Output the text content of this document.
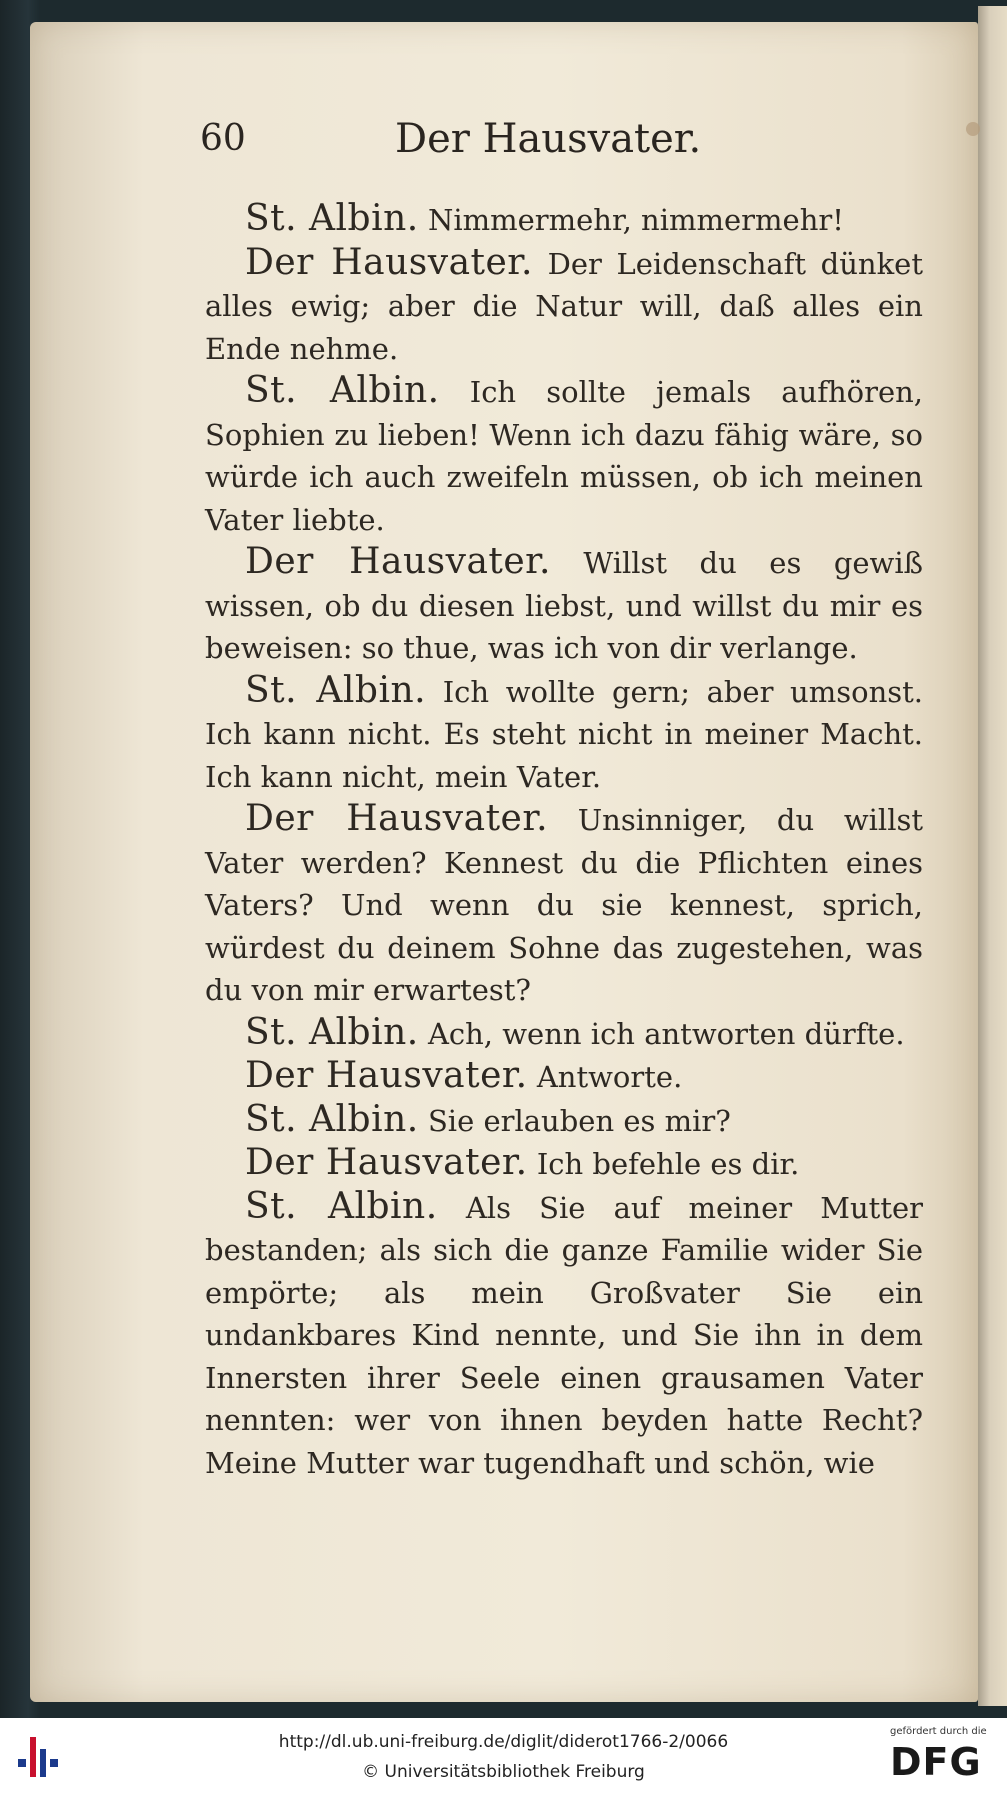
60	Der Hausvater.

St. Albin. Nimmermehr, nimmermehr!

Der Hausvater. Der Leidenschaft dünket alles ewig; aber die Natur will, daß alles ein Ende nehme.

St. Albin. Ich sollte jemals aufhören, Sophien zu lieben! Wenn ich dazu fähig wäre, so würde ich auch zweifeln müssen, ob ich meinen Vater liebte.

Der Hausvater. Willst du es gewiß wissen, ob du diesen liebst, und willst du mir es beweisen: so thue, was ich von dir verlange.

St. Albin. Ich wollte gern; aber umsonst. Ich kann nicht. Es steht nicht in meiner Macht. Ich kann nicht, mein Vater.

Der Hausvater. Unsinniger, du willst Vater werden? Kennest du die Pflichten eines Vaters? Und wenn du sie kennest, sprich, würdest du deinem Sohne das zugestehen, was du von mir erwartest?

St. Albin. Ach, wenn ich antworten dürfte.

Der Hausvater. Antworte.

St. Albin. Sie erlauben es mir?

Der Hausvater. Ich befehle es dir.

St. Albin. Als Sie auf meiner Mutter bestanden; als sich die ganze Familie wider Sie empörte; als mein Großvater Sie ein undankbares Kind nennte, und Sie ihn in dem Innersten ihrer Seele einen grausamen Vater nennten: wer von ihnen beyden hatte Recht? Meine Mutter war tugendhaft und schön, wie

http://dl.ub.uni-freiburg.de/diglit/diderot1766-2/0066
© Universitätsbibliothek Freiburg
gefördert durch die
DFG
